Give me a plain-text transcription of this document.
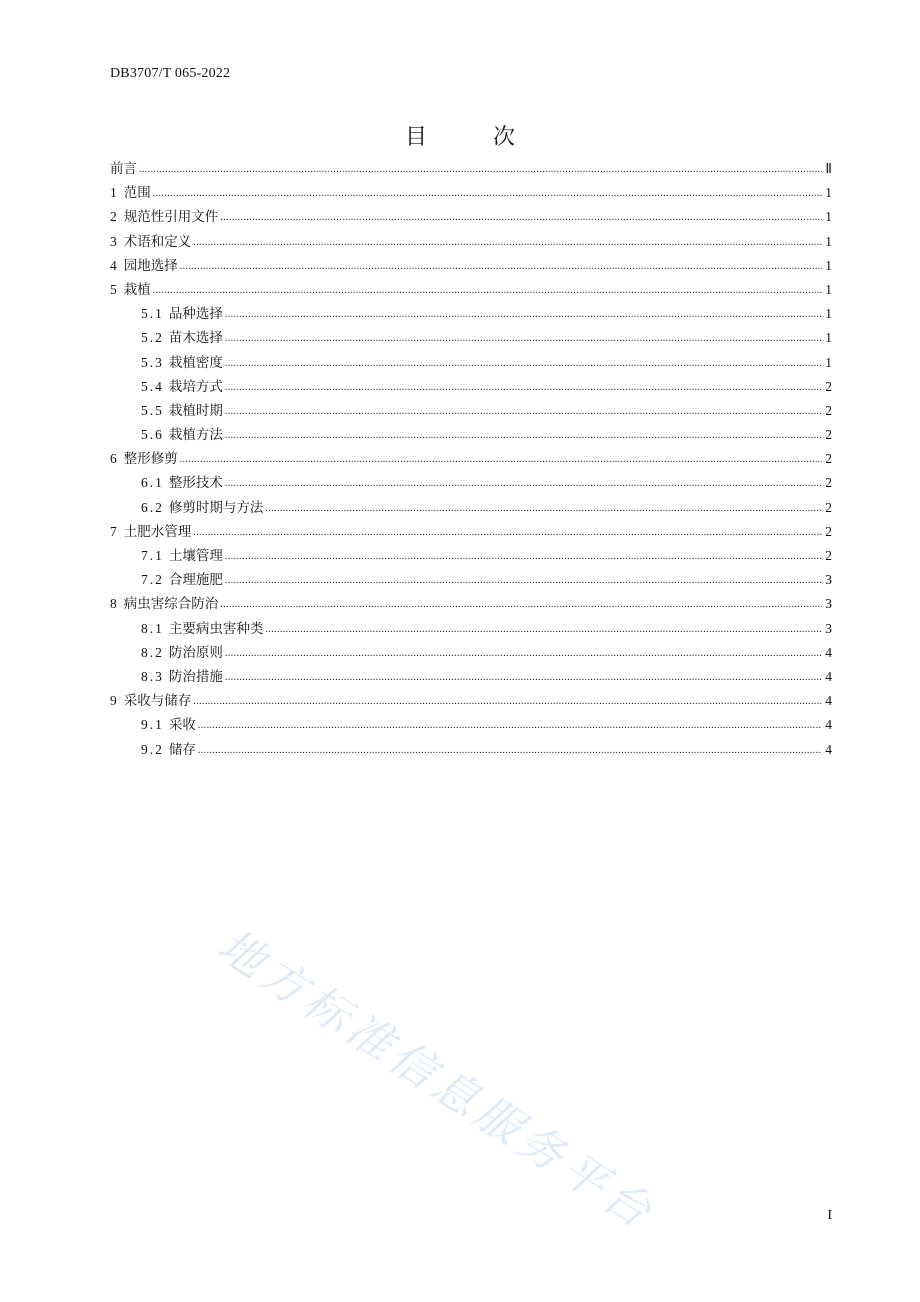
DB3707/T 065-2022
目　次
前言 .....	Ⅱ
1 范围 .....	1
2 规范性引用文件 .....	1
3 术语和定义 .....	1
4 园地选择 .....	1
5 栽植 .....	1
5.1 品种选择 .....	1
5.2 苗木选择 .....	1
5.3 栽植密度 .....	1
5.4 栽培方式 .....	2
5.5 栽植时期 .....	2
5.6 栽植方法 .....	2
6 整形修剪 .....	2
6.1 整形技术 .....	2
6.2 修剪时期与方法 .....	2
7 土肥水管理 .....	2
7.1 土壤管理 .....	2
7.2 合理施肥 .....	3
8 病虫害综合防治 .....	3
8.1 主要病虫害种类 .....	3
8.2 防治原则 .....	4
8.3 防治措施 .....	4
9 采收与储存 .....	4
9.1 采收 .....	4
9.2 储存 .....	4
地方标准信息服务平台	I
